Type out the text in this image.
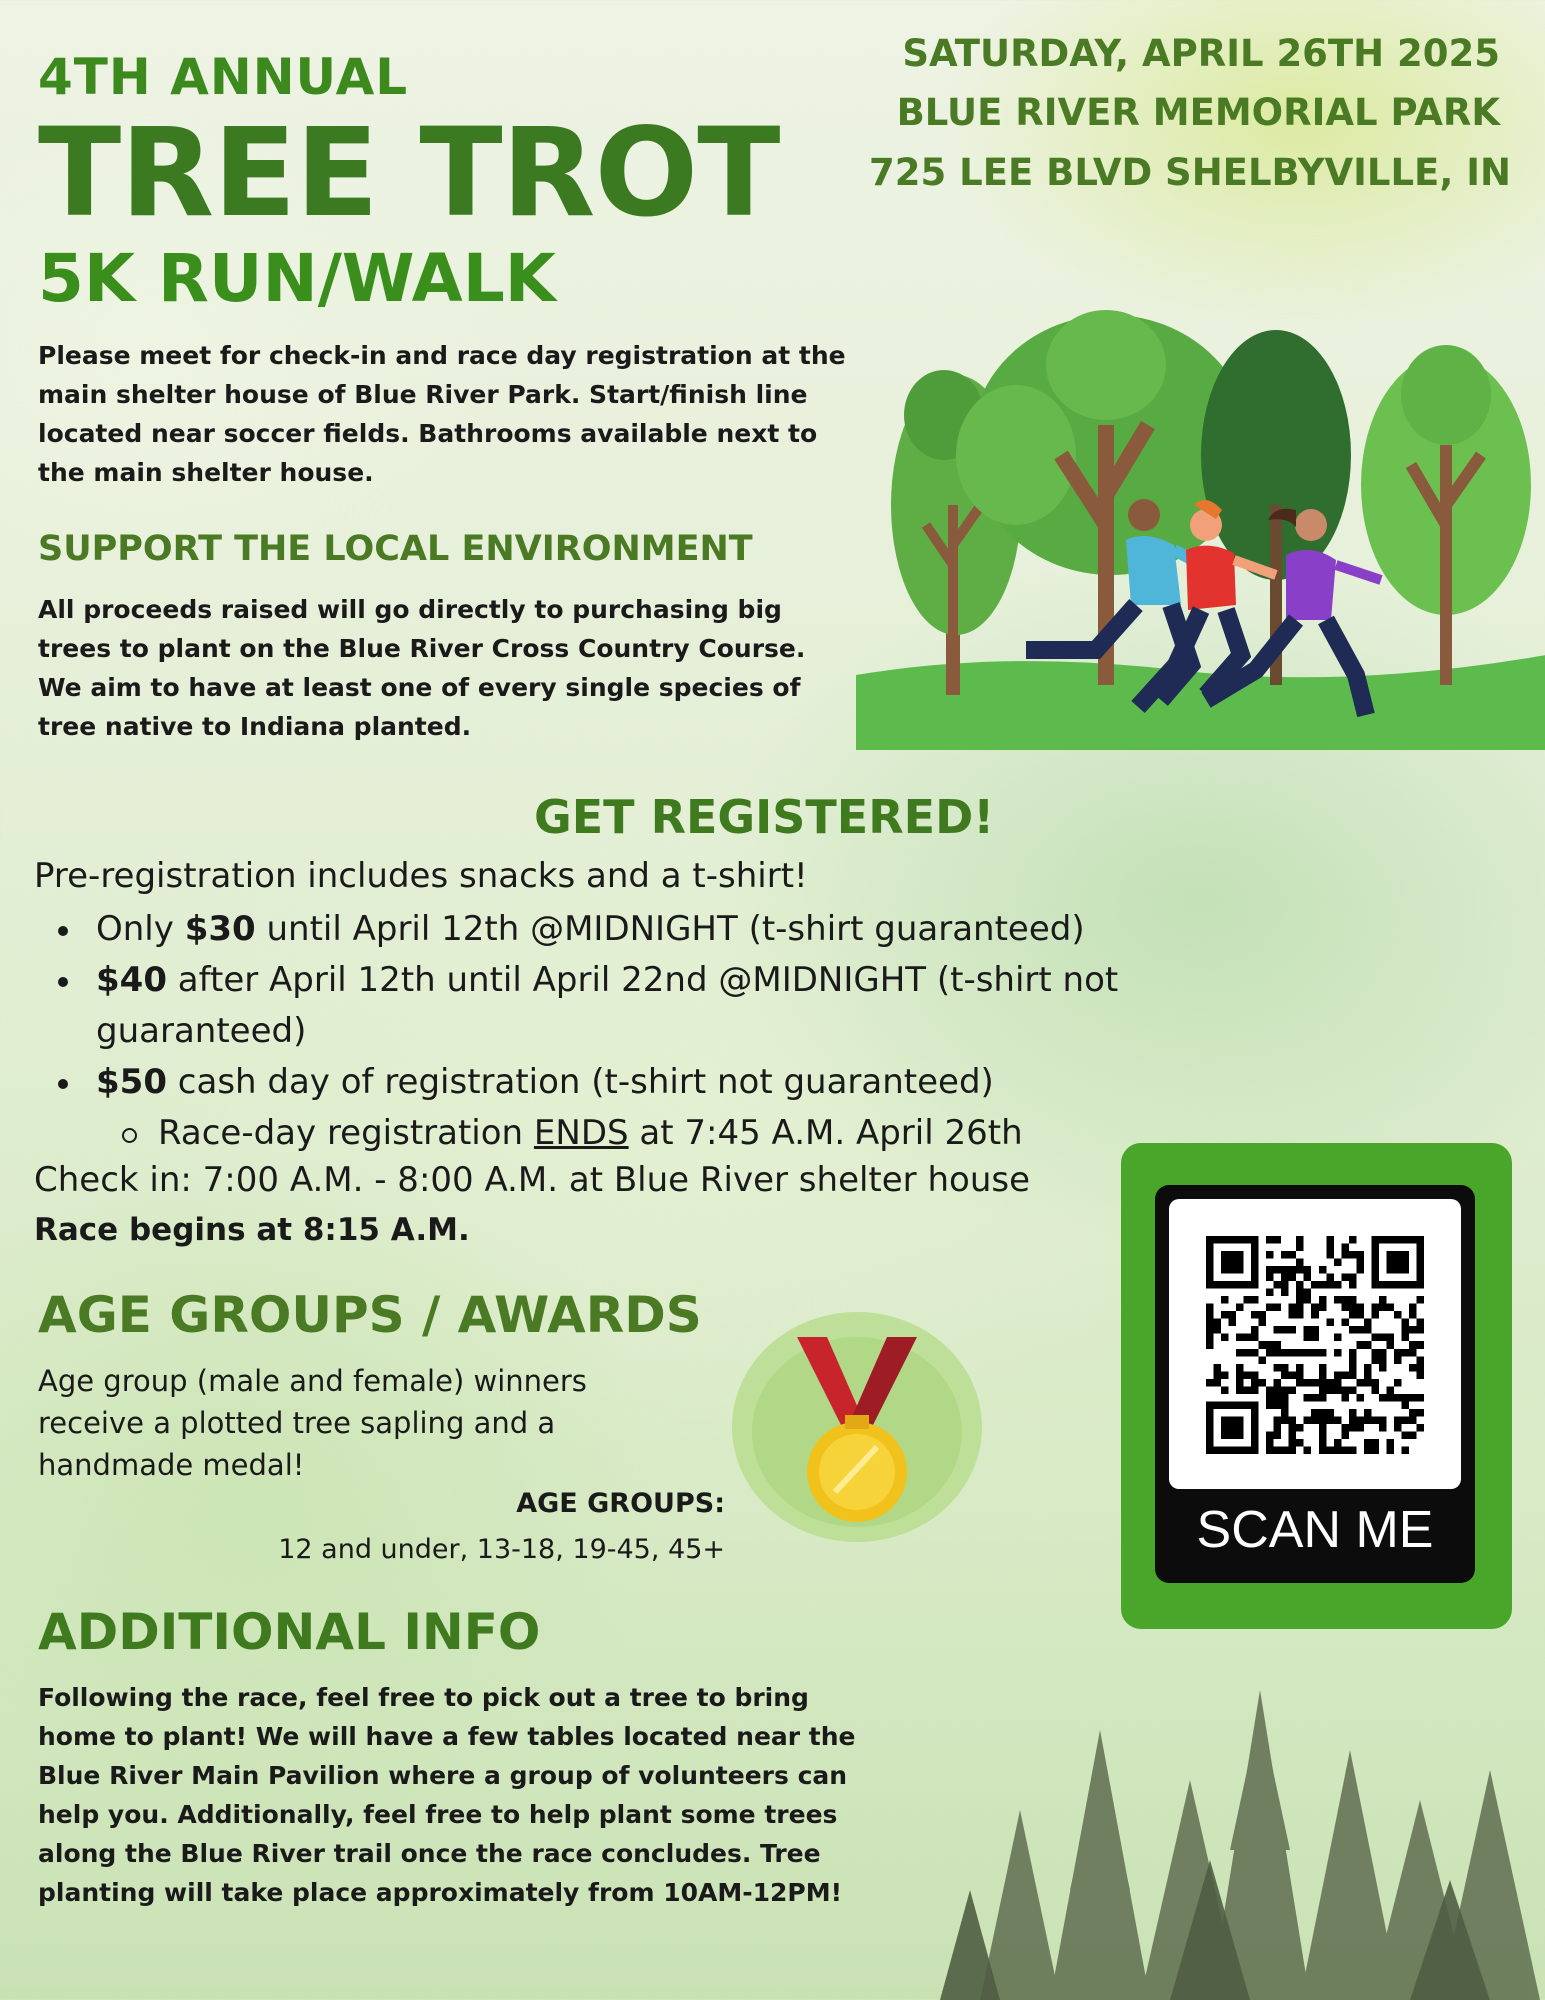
4TH ANNUAL
TREE TROT
5K RUN/WALK
SATURDAY, APRIL 26TH 2025
BLUE RIVER MEMORIAL PARK
725 LEE BLVD SHELBYVILLE, IN
Please meet for check-in and race day registration at the main shelter house of Blue River Park. Start/finish line located near soccer fields. Bathrooms available next to the main shelter house.
SUPPORT THE LOCAL ENVIRONMENT
All proceeds raised will go directly to purchasing big trees to plant on the Blue River Cross Country Course. We aim to have at least one of every single species of tree native to Indiana planted.
GET REGISTERED!
Pre-registration includes snacks and a t-shirt!
Only $30 until April 12th @MIDNIGHT (t-shirt guaranteed)
$40 after April 12th until April 22nd @MIDNIGHT (t-shirt not guaranteed)
$50 cash day of registration (t-shirt not guaranteed)
Race-day registration ENDS at 7:45 A.M. April 26th
Check in: 7:00 A.M. - 8:00 A.M. at Blue River shelter house
Race begins at 8:15 A.M.
AGE GROUPS / AWARDS
Age group (male and female) winners receive a plotted tree sapling and a handmade medal!
AGE GROUPS:
12 and under, 13-18, 19-45, 45+	SCAN ME
ADDITIONAL INFO
Following the race, feel free to pick out a tree to bring home to plant! We will have a few tables located near the Blue River Main Pavilion where a group of volunteers can help you. Additionally, feel free to help plant some trees along the Blue River trail once the race concludes. Tree planting will take place approximately from 10AM-12PM!
